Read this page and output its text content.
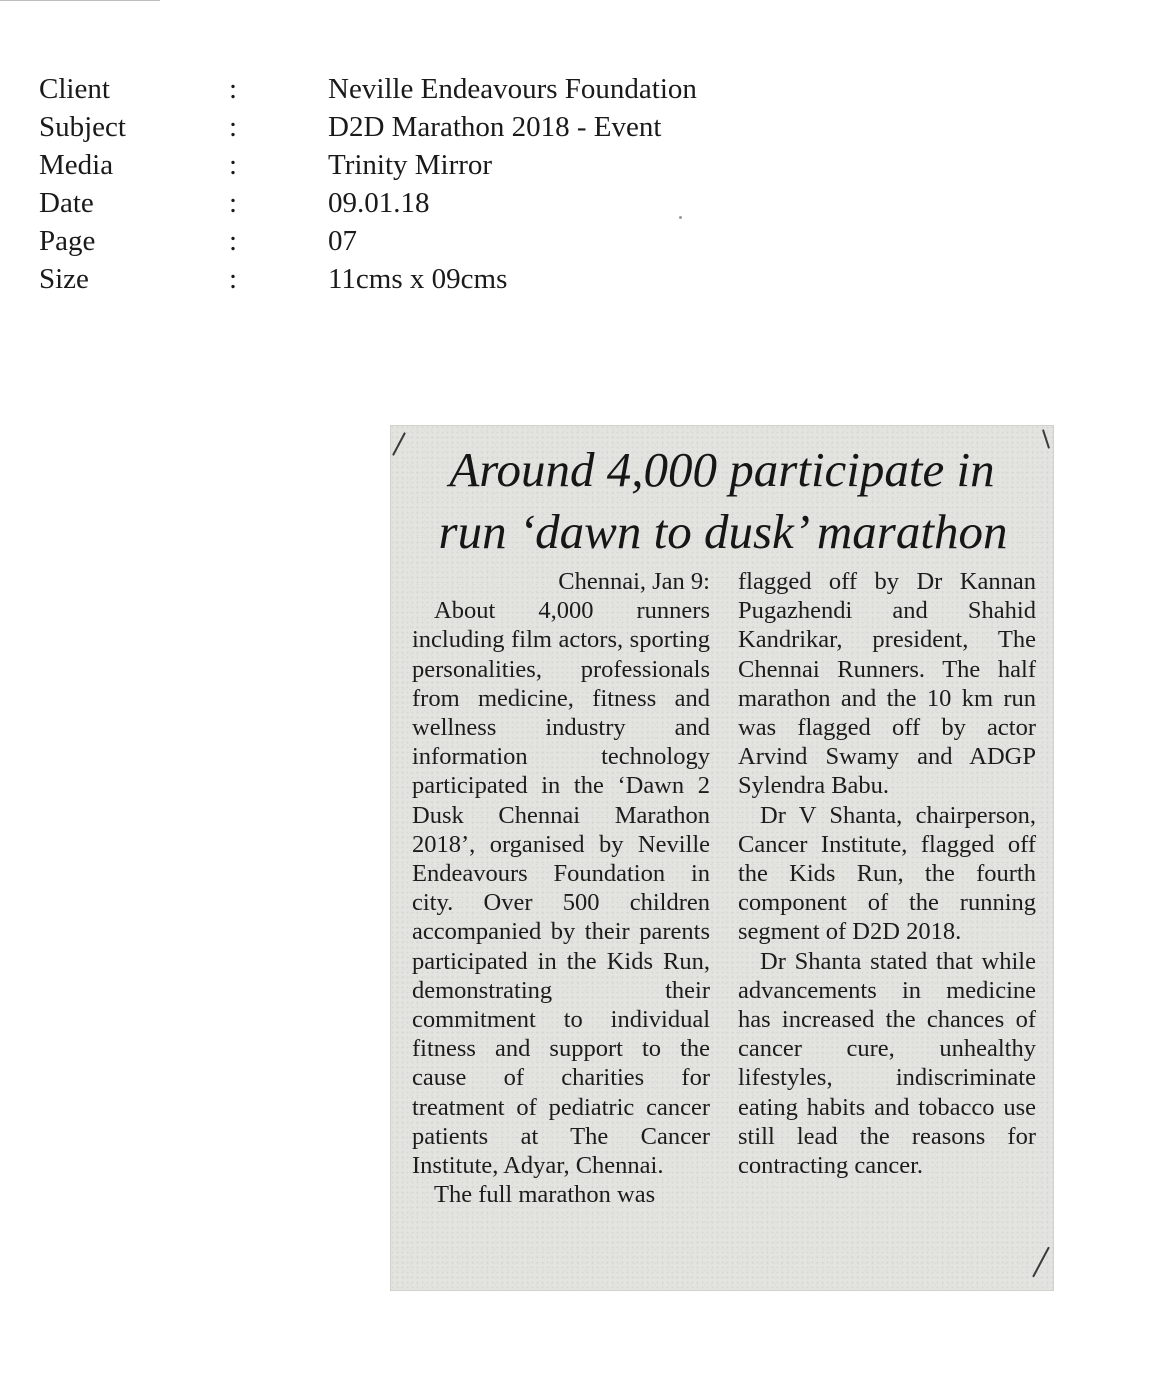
Client	:	Neville Endeavours Foundation
Subject	:	D2D Marathon 2018 - Event
Media	:	Trinity Mirror
Date	:	09.01.18
Page	:	07
Size	:	11cms x 09cms
Around 4,000 participate in
run ‘dawn to dusk’ marathon
Chennai, Jan 9:

About 4,000 runners including film actors, sporting personalities, professionals from medicine, fitness and wellness industry and information technology participated in the ‘Dawn 2 Dusk Chennai Marathon 2018’, organised by Neville Endeavours Foundation in city. Over 500 children accompanied by their parents participated in the Kids Run, demonstrating their commitment to individual fitness and support to the cause of charities for treatment of pediatric cancer patients at The Cancer Institute, Adyar, Chennai.

The full marathon was

flagged off by Dr Kannan Pugazhendi and Shahid Kandrikar, president, The Chennai Runners. The half marathon and the 10 km run was flagged off by actor Arvind Swamy and ADGP Sylendra Babu.

Dr V Shanta, chairperson, Cancer Institute, flagged off the Kids Run, the fourth component of the running segment of D2D 2018.

Dr Shanta stated that while advancements in medicine has increased the chances of cancer cure, unhealthy lifestyles, indiscriminate eating habits and tobacco use still lead the reasons for contracting cancer.
